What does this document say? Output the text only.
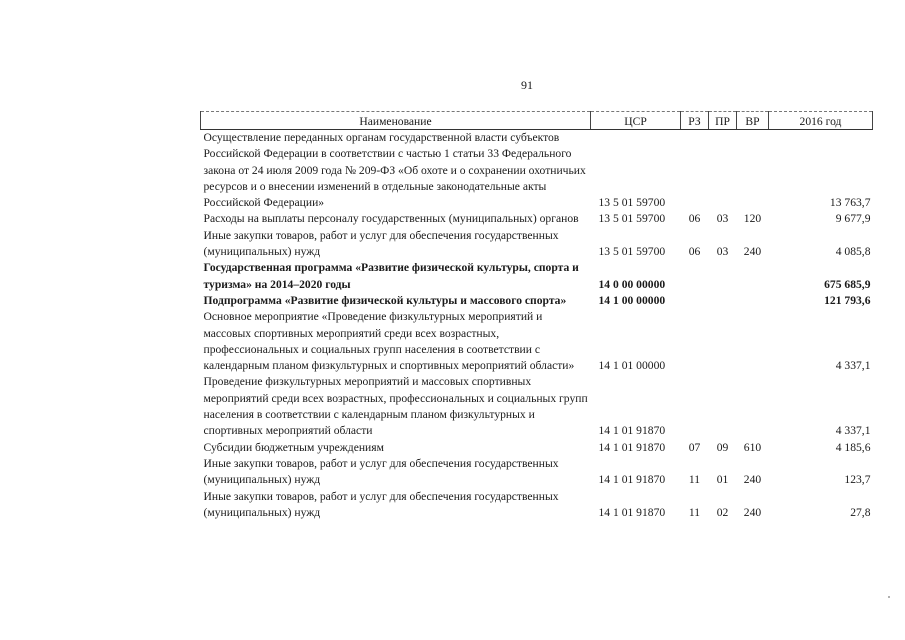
91
Наименование	ЦСР	РЗ	ПР	ВР	2016 год
Осуществление переданных органам государственной власти субъектов Российской Федерации в соответствии с частью 1 статьи 33 Федерального закона от 24 июля 2009 года № 209-ФЗ «Об охоте и о сохранении охотничьих ресурсов и о внесении изменений в отдельные законодательные акты Российской Федерации»	13 5 01 59700				13 763,7
Расходы на выплаты персоналу государственных (муниципальных) органов	13 5 01 59700	06	03	120	9 677,9
Иные закупки товаров, работ и услуг для обеспечения государственных (муниципальных) нужд	13 5 01 59700	06	03	240	4 085,8
Государственная программа «Развитие физической культуры, спорта и туризма» на 2014–2020 годы	14 0 00 00000				675 685,9
Подпрограмма «Развитие физической культуры и массового спорта»	14 1 00 00000				121 793,6
Основное мероприятие «Проведение физкультурных мероприятий и массовых спортивных мероприятий среди всех возрастных, профессиональных и социальных групп населения в соответствии с календарным планом физкультурных и спортивных мероприятий области»	14 1 01 00000				4 337,1
Проведение физкультурных мероприятий и массовых спортивных мероприятий среди всех возрастных, профессиональных и социальных групп населения в соответствии с календарным планом физкультурных и спортивных мероприятий области	14 1 01 91870				4 337,1
Субсидии бюджетным учреждениям	14 1 01 91870	07	09	610	4 185,6
Иные закупки товаров, работ и услуг для обеспечения государственных (муниципальных) нужд	14 1 01 91870	11	01	240	123,7
Иные закупки товаров, работ и услуг для обеспечения государственных (муниципальных) нужд	14 1 01 91870	11	02	240	27,8
